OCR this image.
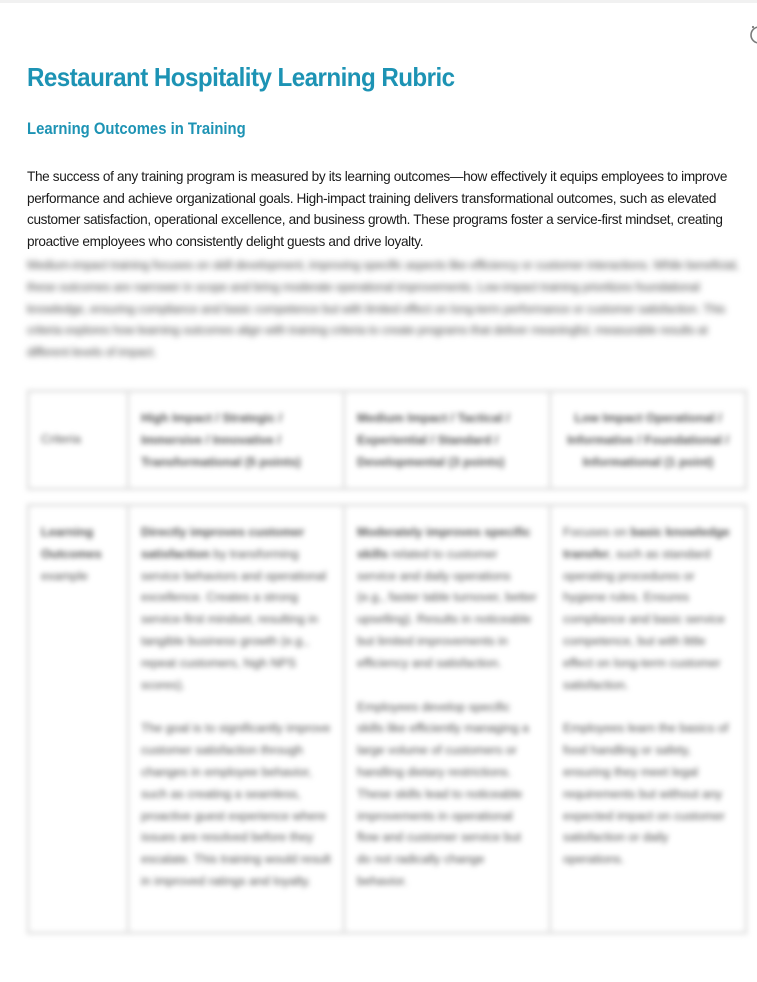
Restaurant Hospitality Learning Rubric
Learning Outcomes in Training

The success of any training program is measured by its learning outcomes—how effectively it equips employees to improve performance and achieve organizational goals. High-impact training delivers transformational outcomes, such as elevated customer satisfaction, operational excellence, and business growth. These programs foster a service-first mindset, creating proactive employees who consistently delight guests and drive loyalty.

Medium-impact training focuses on skill development, improving specific aspects like efficiency or customer interactions. While beneficial, these outcomes are narrower in scope and bring moderate operational improvements. Low-impact training prioritizes foundational knowledge, ensuring compliance and basic competence but with limited effect on long-term performance or customer satisfaction. This criteria explores how learning outcomes align with training criteria to create programs that deliver meaningful, measurable results at different levels of impact.

Criteria
High Impact / Strategic / Immersive / Innovative / Transformational (5 points)
Medium Impact / Tactical / Experiential / Standard / Developmental (3 points)
Low Impact Operational / Informative / Foundational / Informational (1 point)
Learning Outcomes
example

Directly improves customer satisfaction by transforming service behaviors and operational excellence. Creates a strong service-first mindset, resulting in tangible business growth (e.g., repeat customers, high NPS scores).

The goal is to significantly improve customer satisfaction through changes in employee behavior, such as creating a seamless, proactive guest experience where issues are resolved before they escalate. This training would result in improved ratings and loyalty.

Moderately improves specific skills related to customer service and daily operations (e.g., faster table turnover, better upselling). Results in noticeable but limited improvements in efficiency and satisfaction.

Employees develop specific skills like efficiently managing a large volume of customers or handling dietary restrictions. These skills lead to noticeable improvements in operational flow and customer service but do not radically change behavior.

Focuses on basic knowledge transfer, such as standard operating procedures or hygiene rules. Ensures compliance and basic service competence, but with little effect on long-term customer satisfaction.

Employees learn the basics of food handling or safety, ensuring they meet legal requirements but without any expected impact on customer satisfaction or daily operations.
